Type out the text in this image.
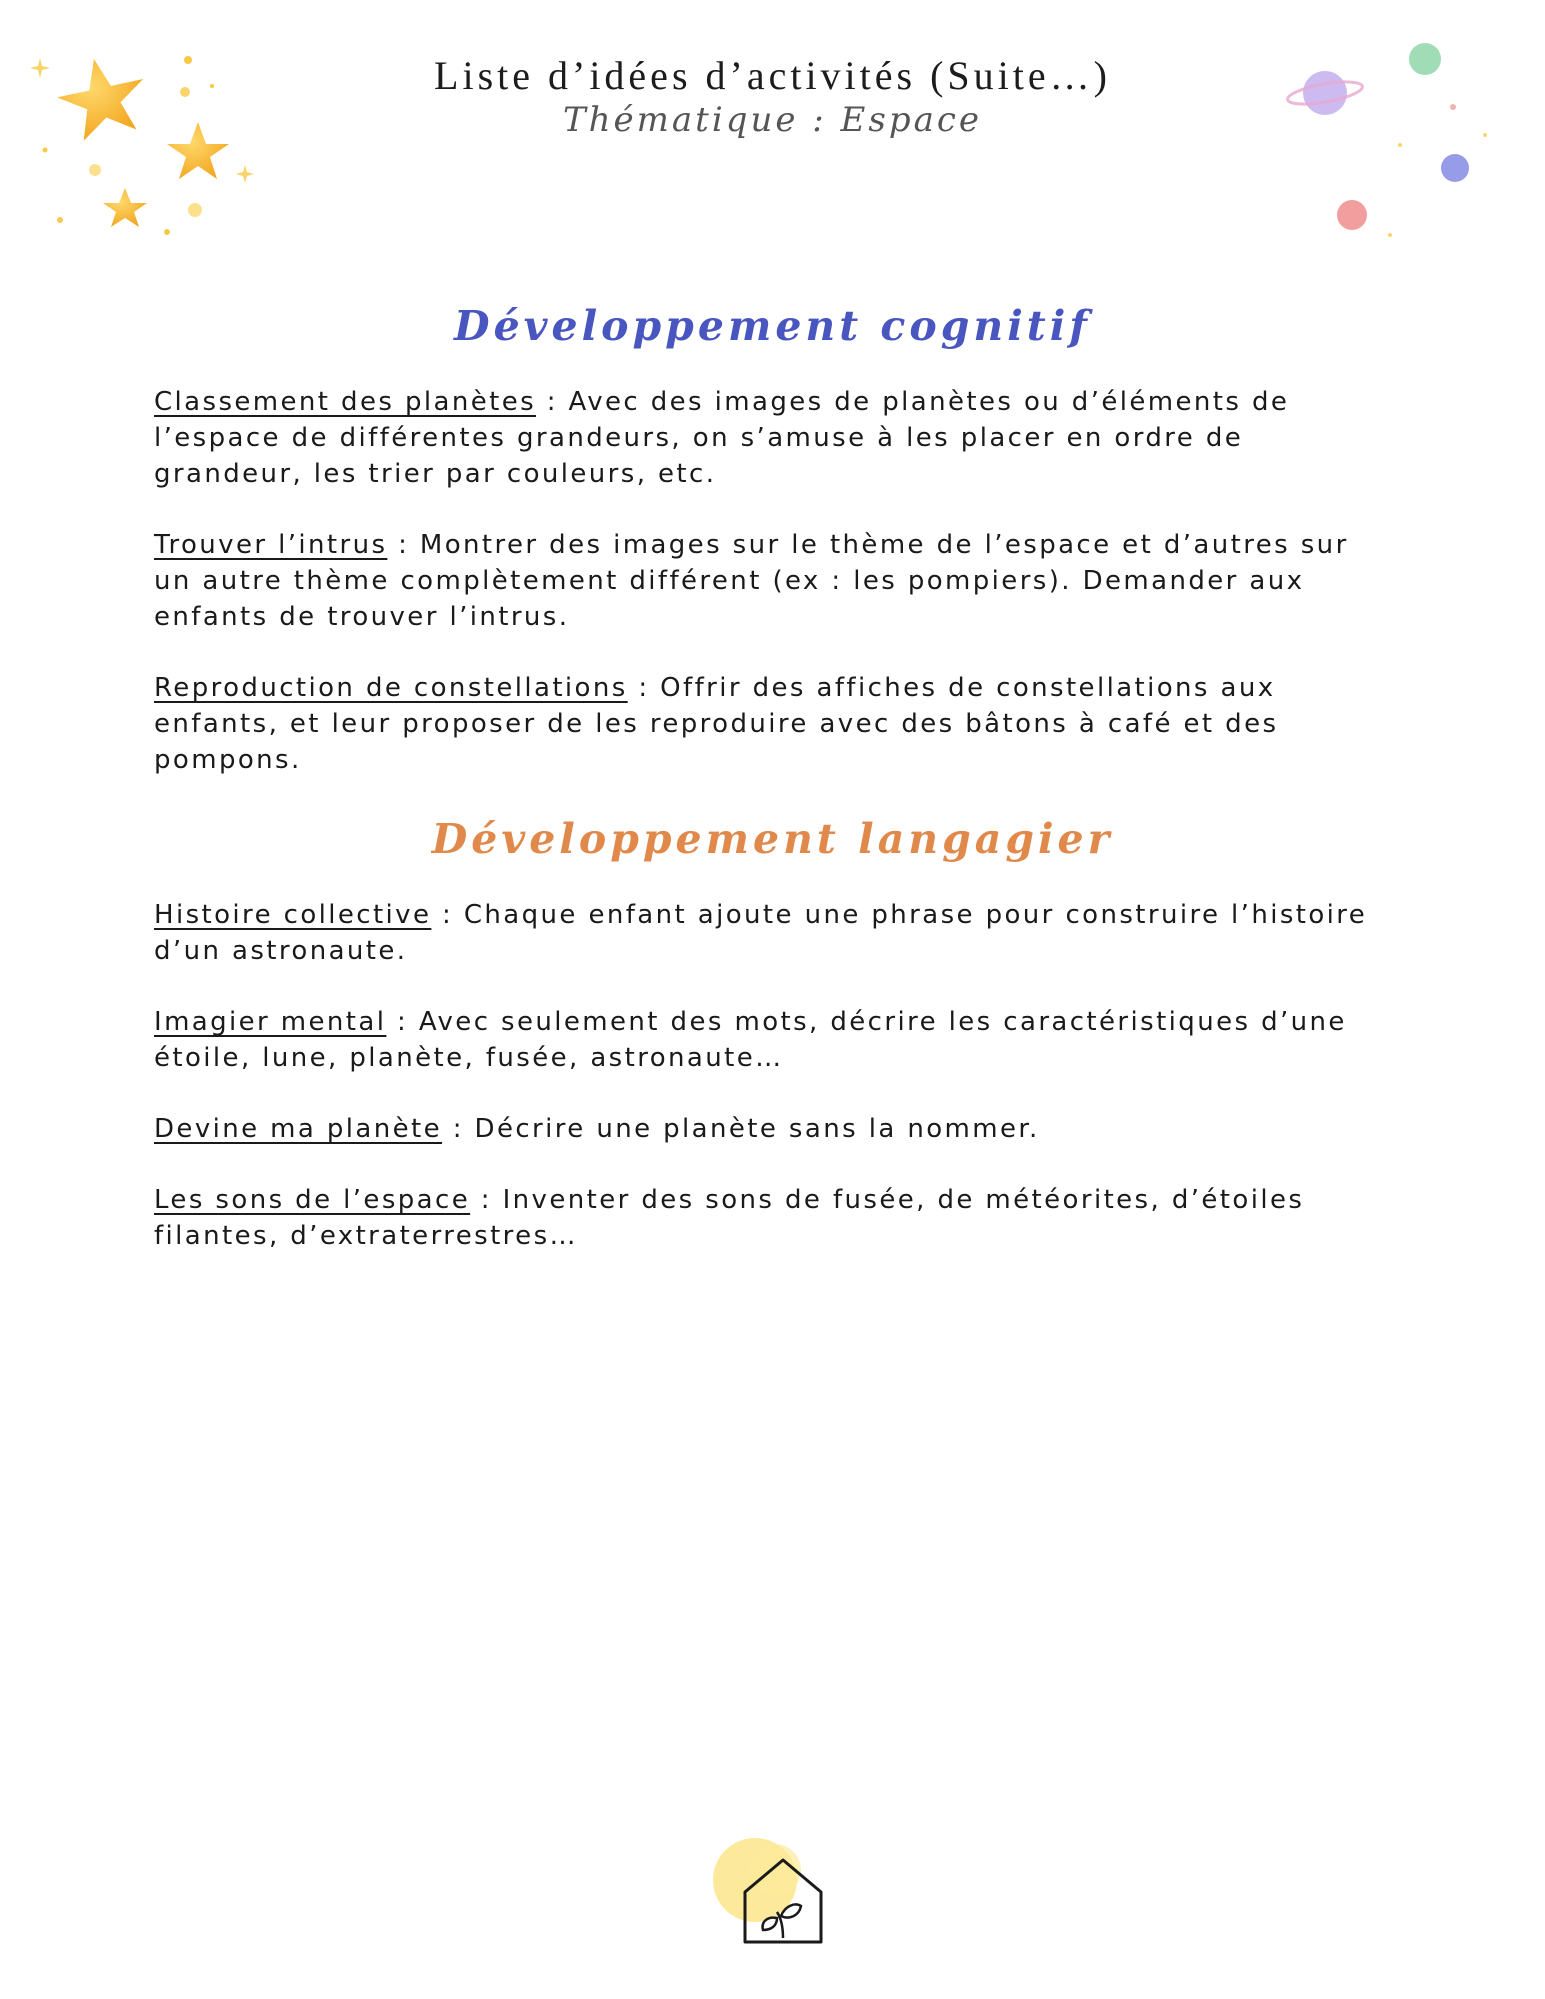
Liste d’idées d’activités (Suite…)
Thématique : Espace
Développement cognitif

Classement des planètes : Avec des images de planètes ou d’éléments de l’espace de différentes grandeurs, on s’amuse à les placer en ordre de grandeur, les trier par couleurs, etc.

Trouver l’intrus : Montrer des images sur le thème de l’espace et d’autres sur un autre thème complètement différent (ex : les pompiers). Demander aux enfants de trouver l’intrus.

Reproduction de constellations : Offrir des affiches de constellations aux enfants, et leur proposer de les reproduire avec des bâtons à café et des pompons.

Développement langagier

Histoire collective : Chaque enfant ajoute une phrase pour construire l’histoire d’un astronaute.

Imagier mental : Avec seulement des mots, décrire les caractéristiques d’une étoile, lune, planète, fusée, astronaute…

Devine ma planète : Décrire une planète sans la nommer.

Les sons de l’espace : Inventer des sons de fusée, de météorites, d’étoiles filantes, d’extraterrestres…
